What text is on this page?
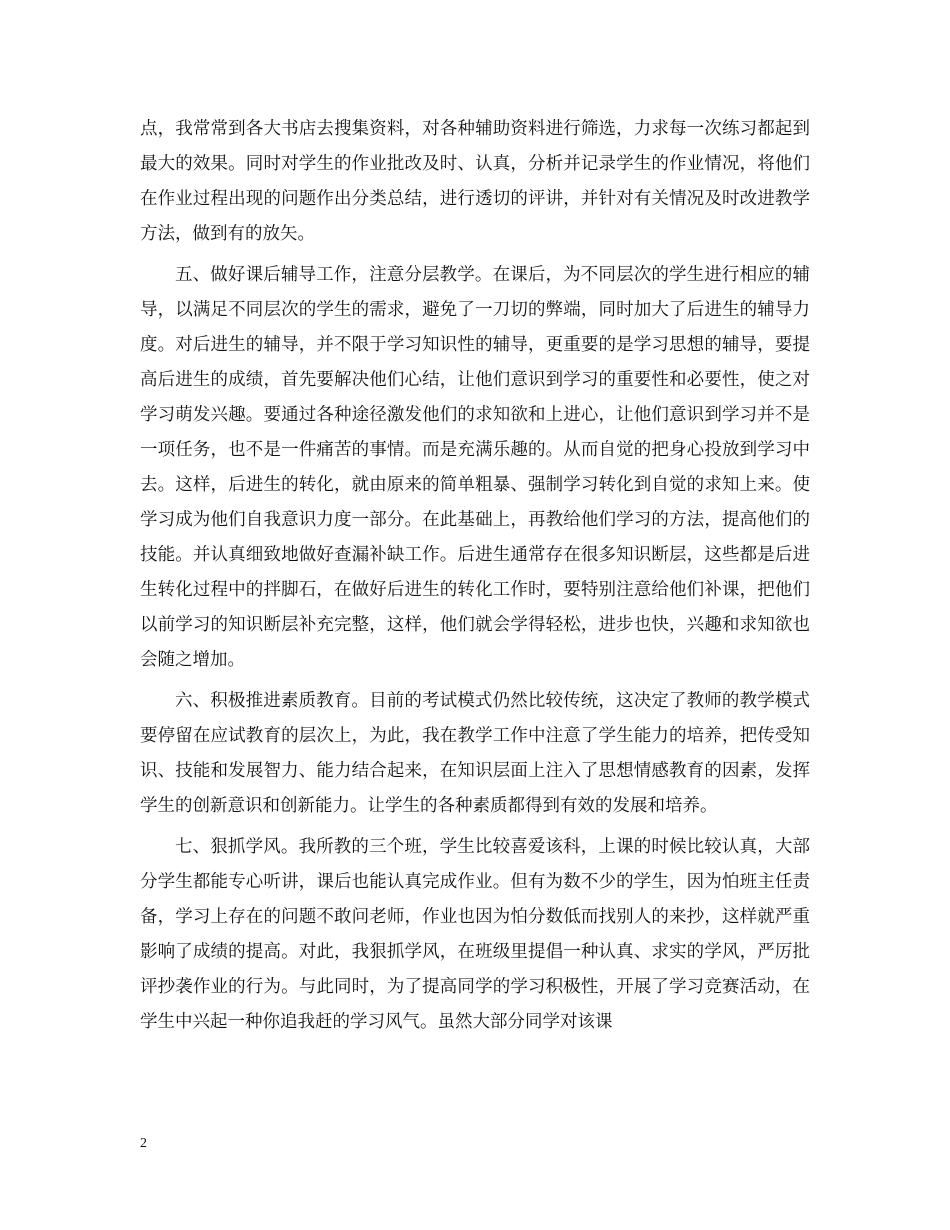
点，我常常到各大书店去搜集资料，对各种辅助资料进行筛选，力求每一次练习都起到最大的效果。同时对学生的作业批改及时、认真，分析并记录学生的作业情况，将他们在作业过程出现的问题作出分类总结，进行透切的评讲，并针对有关情况及时改进教学方法，做到有的放矢。

五、做好课后辅导工作，注意分层教学。在课后，为不同层次的学生进行相应的辅导，以满足不同层次的学生的需求，避免了一刀切的弊端，同时加大了后进生的辅导力度。对后进生的辅导，并不限于学习知识性的辅导，更重要的是学习思想的辅导，要提高后进生的成绩，首先要解决他们心结，让他们意识到学习的重要性和必要性，使之对学习萌发兴趣。要通过各种途径激发他们的求知欲和上进心，让他们意识到学习并不是一项任务，也不是一件痛苦的事情。而是充满乐趣的。从而自觉的把身心投放到学习中去。这样，后进生的转化，就由原来的简单粗暴、强制学习转化到自觉的求知上来。使学习成为他们自我意识力度一部分。在此基础上，再教给他们学习的方法，提高他们的技能。并认真细致地做好查漏补缺工作。后进生通常存在很多知识断层，这些都是后进生转化过程中的拌脚石，在做好后进生的转化工作时，要特别注意给他们补课，把他们以前学习的知识断层补充完整，这样，他们就会学得轻松，进步也快，兴趣和求知欲也会随之增加。

六、积极推进素质教育。目前的考试模式仍然比较传统，这决定了教师的教学模式要停留在应试教育的层次上，为此，我在教学工作中注意了学生能力的培养，把传受知识、技能和发展智力、能力结合起来，在知识层面上注入了思想情感教育的因素，发挥学生的创新意识和创新能力。让学生的各种素质都得到有效的发展和培养。

七、狠抓学风。我所教的三个班，学生比较喜爱该科，上课的时候比较认真，大部分学生都能专心听讲，课后也能认真完成作业。但有为数不少的学生，因为怕班主任责备，学习上存在的问题不敢问老师，作业也因为怕分数低而找别人的来抄，这样就严重影响了成绩的提高。对此，我狠抓学风，在班级里提倡一种认真、求实的学风，严厉批评抄袭作业的行为。与此同时，为了提高同学的学习积极性，开展了学习竞赛活动，在学生中兴起一种你追我赶的学习风气。虽然大部分同学对该课

2
